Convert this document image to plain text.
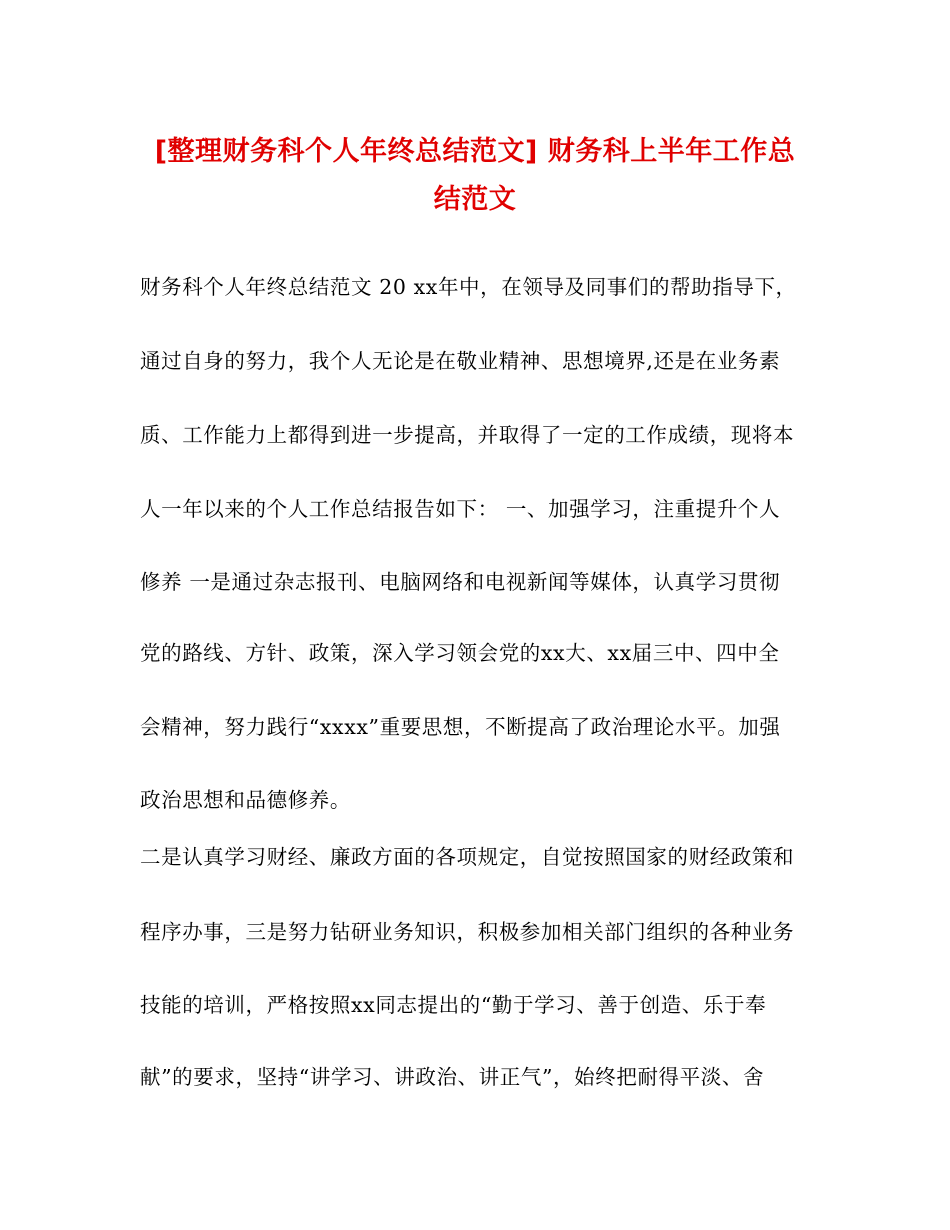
[整理财务科个人年终总结范文] 财务科上半年工作总
结范文
财务科个人年终总结范文 20 xx年中，在领导及同事们的帮助指导下，
通过自身的努力，我个人无论是在敬业精神、思想境界,还是在业务素
质、工作能力上都得到进一步提高，并取得了一定的工作成绩，现将本
人一年以来的个人工作总结报告如下： 一、加强学习，注重提升个人
修养 一是通过杂志报刊、电脑网络和电视新闻等媒体，认真学习贯彻
党的路线、方针、政策，深入学习领会党的xx大、xx届三中、四中全
会精神，努力践行“xxxx”重要思想，不断提高了政治理论水平。加强
政治思想和品德修养。
二是认真学习财经、廉政方面的各项规定，自觉按照国家的财经政策和
程序办事，三是努力钻研业务知识，积极参加相关部门组织的各种业务
技能的培训，严格按照xx同志提出的“勤于学习、善于创造、乐于奉
献”的要求，坚持“讲学习、讲政治、讲正气”，始终把耐得平淡、舍
